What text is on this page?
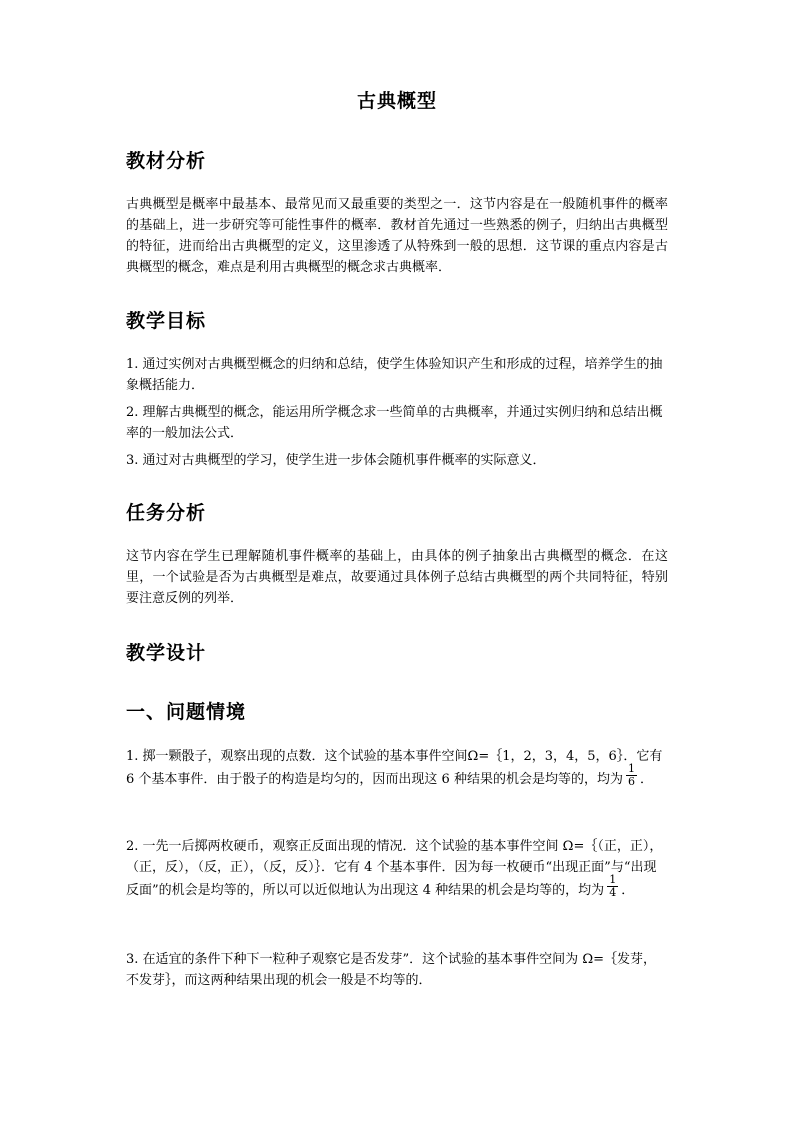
古典概型
教材分析
古典概型是概率中最基本、最常见而又最重要的类型之一．这节内容是在一般随机事件的概率的基础上，进一步研究等可能性事件的概率．教材首先通过一些熟悉的例子，归纳出古典概型的特征，进而给出古典概型的定义，这里渗透了从特殊到一般的思想．这节课的重点内容是古典概型的概念，难点是利用古典概型的概念求古典概率．
教学目标
1. 通过实例对古典概型概念的归纳和总结，使学生体验知识产生和形成的过程，培养学生的抽象概括能力．
2. 理解古典概型的概念，能运用所学概念求一些简单的古典概率，并通过实例归纳和总结出概率的一般加法公式．
3. 通过对古典概型的学习，使学生进一步体会随机事件概率的实际意义．
任务分析
这节内容在学生已理解随机事件概率的基础上，由具体的例子抽象出古典概型的概念．在这里，一个试验是否为古典概型是难点，故要通过具体例子总结古典概型的两个共同特征，特别要注意反例的列举．
教学设计
一、问题情境
1. 掷一颗骰子，观察出现的点数．这个试验的基本事件空间Ω=｛1，2，3，4，5，6｝．它有 6 个基本事件．由于骰子的构造是均匀的，因而出现这 6 种结果的机会是均等的，均为 $\frac{1}{6}$ ．
2. 一先一后掷两枚硬币，观察正反面出现的情况．这个试验的基本事件空间 Ω=｛（正，正），（正，反），（反，正），（反，反）｝．它有 4 个基本事件．因为每一枚硬币“出现正面”与“出现反面”的机会是均等的，所以可以近似地认为出现这 4 种结果的机会是均等的，均为 $\frac{1}{4}$ ．
3. 在适宜的条件下种下一粒种子观察它是否发芽”．这个试验的基本事件空间为 Ω=｛发芽，不发芽｝，而这两种结果出现的机会一般是不均等的．
